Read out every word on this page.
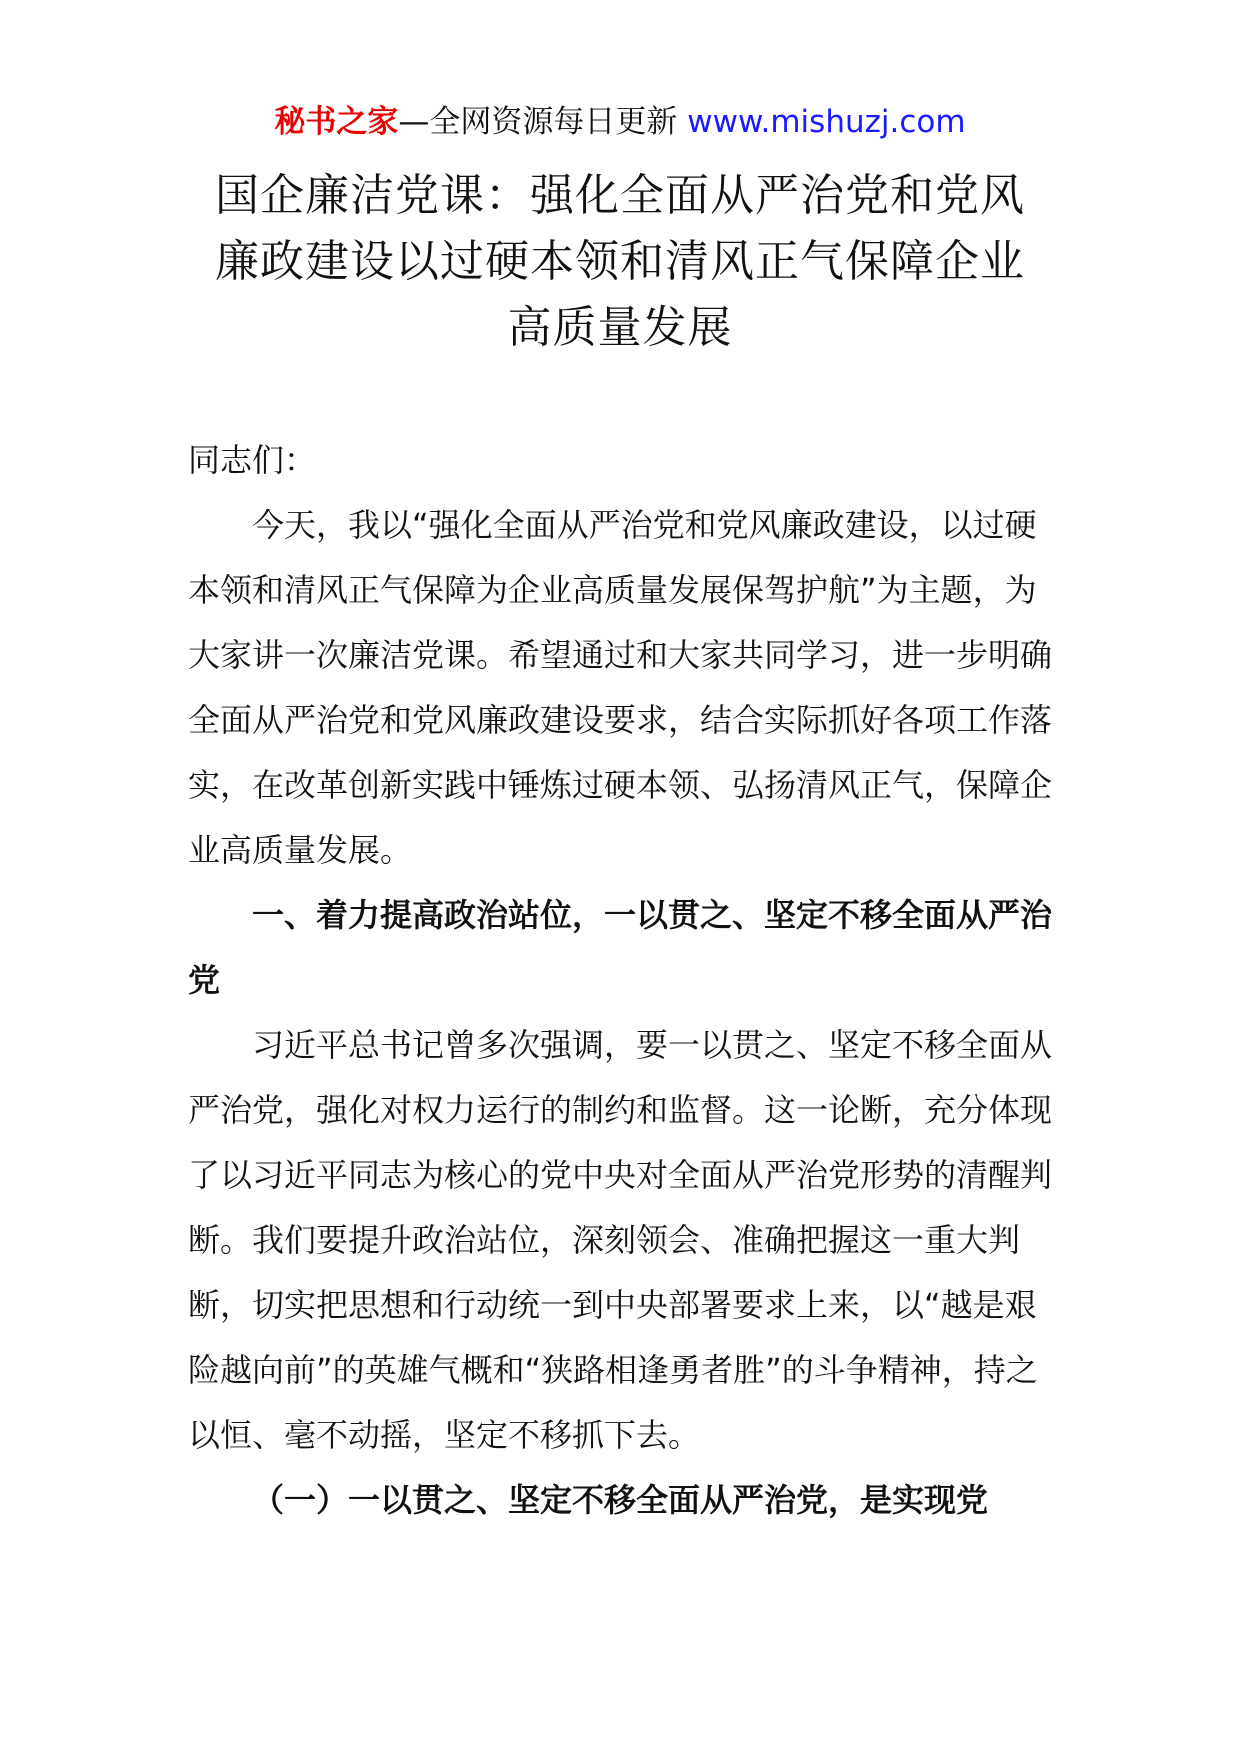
秘书之家—全网资源每日更新 www.mishuzj.com
国企廉洁党课：强化全面从严治党和党风
廉政建设以过硬本领和清风正气保障企业
高质量发展

同志们：

今天，我以“强化全面从严治党和党风廉政建设，以过硬本领和清风正气保障为企业高质量发展保驾护航”为主题，为大家讲一次廉洁党课。希望通过和大家共同学习，进一步明确全面从严治党和党风廉政建设要求，结合实际抓好各项工作落实，在改革创新实践中锤炼过硬本领、弘扬清风正气，保障企业高质量发展。

一、着力提高政治站位，一以贯之、坚定不移全面从严治党

习近平总书记曾多次强调，要一以贯之、坚定不移全面从严治党，强化对权力运行的制约和监督。这一论断，充分体现了以习近平同志为核心的党中央对全面从严治党形势的清醒判断。我们要提升政治站位，深刻领会、准确把握这一重大判断，切实把思想和行动统一到中央部署要求上来，以“越是艰险越向前”的英雄气概和“狭路相逢勇者胜”的斗争精神，持之以恒、毫不动摇，坚定不移抓下去。

（一）一以贯之、坚定不移全面从严治党，是实现党
